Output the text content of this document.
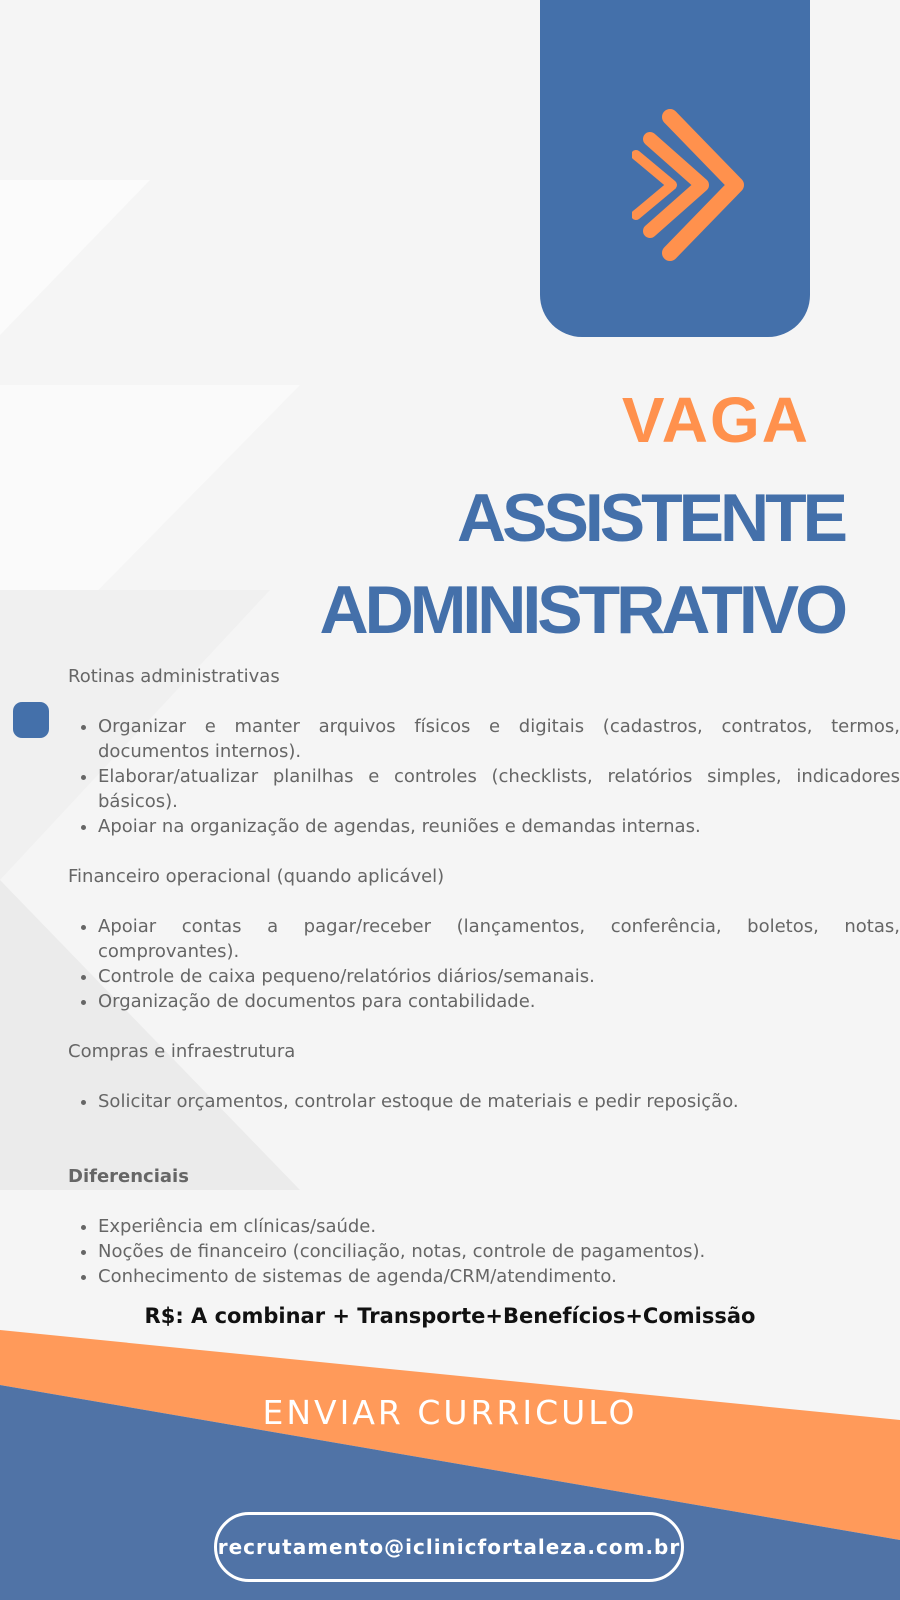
VAGA
ASSISTENTE
ADMINISTRATIVO

Rotinas administrativas

• Organizar e manter arquivos físicos e digitais (cadastros, contratos, termos, documentos internos).
• Elaborar/atualizar planilhas e controles (checklists, relatórios simples, indicadores básicos).
• Apoiar na organização de agendas, reuniões e demandas internas.

Financeiro operacional (quando aplicável)

• Apoiar contas a pagar/receber (lançamentos, conferência, boletos, notas, comprovantes).
• Controle de caixa pequeno/relatórios diários/semanais.
• Organização de documentos para contabilidade.

Compras e infraestrutura

• Solicitar orçamentos, controlar estoque de materiais e pedir reposição.

Diferenciais

• Experiência em clínicas/saúde.
• Noções de financeiro (conciliação, notas, controle de pagamentos).
• Conhecimento de sistemas de agenda/CRM/atendimento.
R$: A combinar + Transporte+Benefícios+Comissão
ENVIAR CURRICULO
recrutamento@iclinicfortaleza.com.br
